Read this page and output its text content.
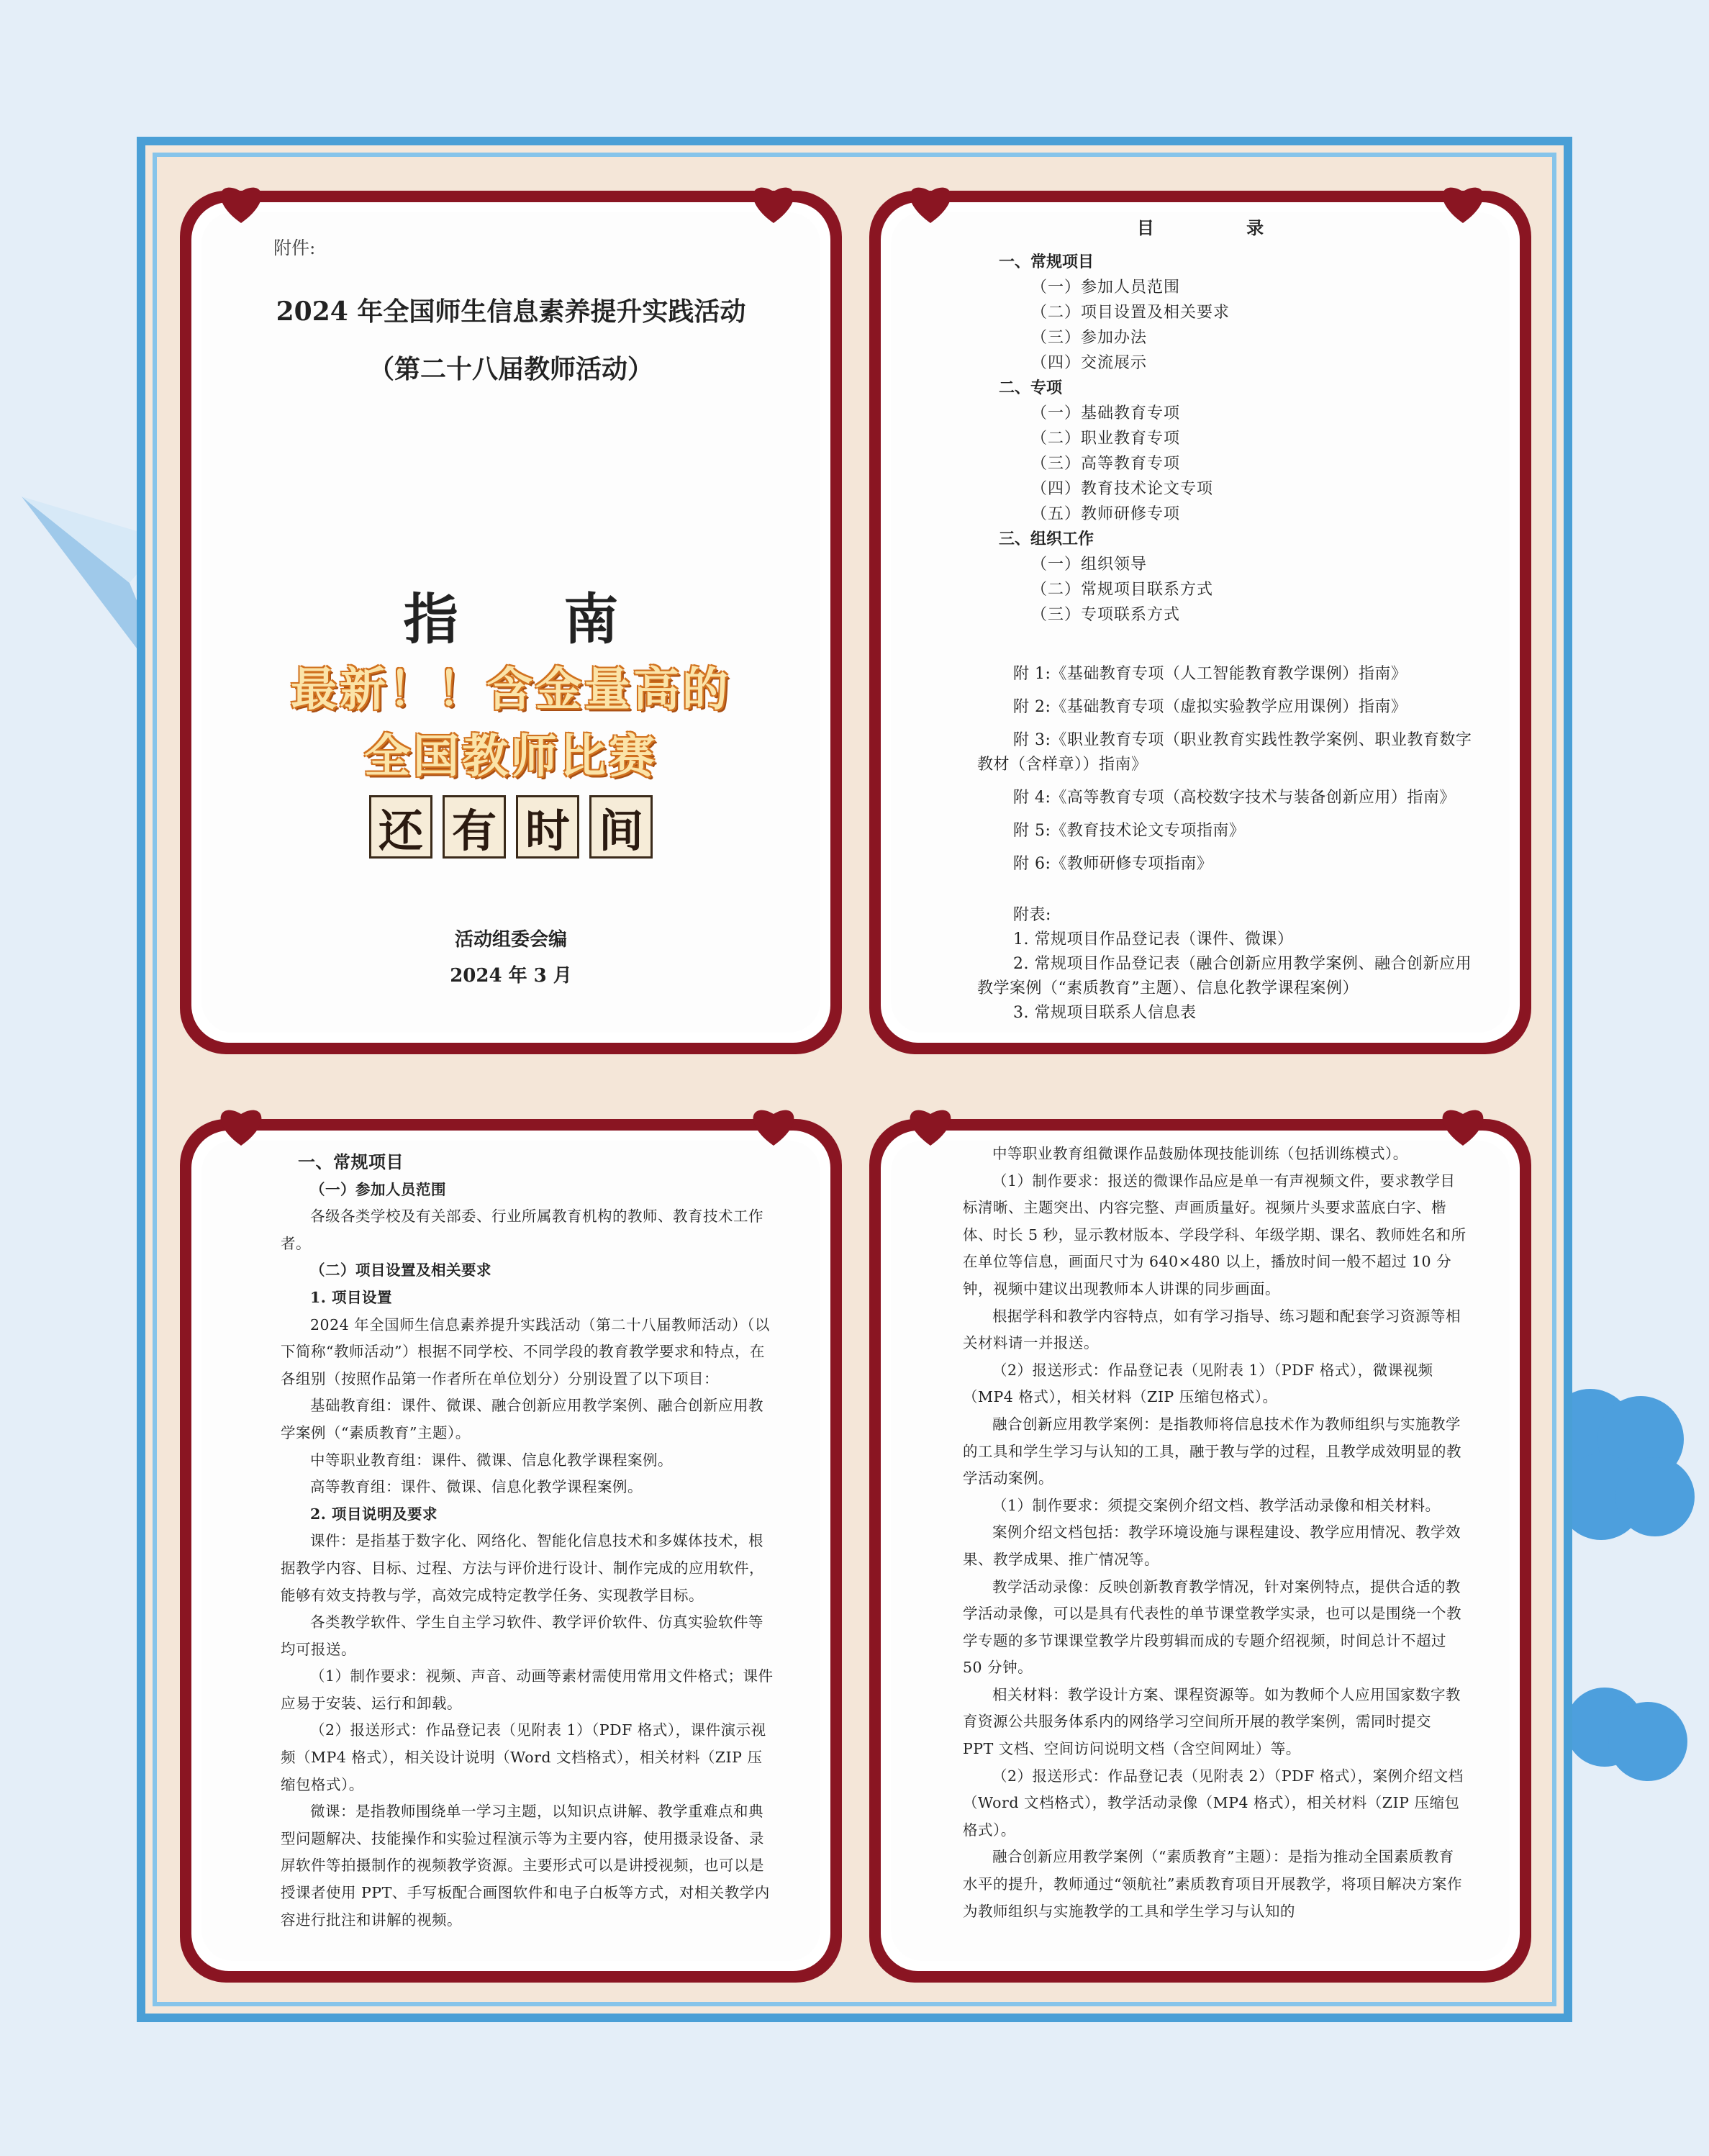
附件:
2024 年全国师生信息素养提升实践活动
（第二十八届教师活动）
指 南
最新！！含金量高的
全国教师比赛
还 有 时 间
活动组委会编
2024 年 3 月
目 录
一、常规项目
（一）参加人员范围
（二）项目设置及相关要求
（三）参加办法
（四）交流展示
二、专项
（一）基础教育专项
（二）职业教育专项
（三）高等教育专项
（四）教育技术论文专项
（五）教师研修专项
三、组织工作
（一）组织领导
（二）常规项目联系方式
（三）专项联系方式
附 1:《基础教育专项（人工智能教育教学课例）指南》
附 2:《基础教育专项（虚拟实验教学应用课例）指南》
附 3:《职业教育专项（职业教育实践性教学案例、职业教育数字教材（含样章））指南》
附 4:《高等教育专项（高校数字技术与装备创新应用）指南》
附 5:《教育技术论文专项指南》
附 6:《教师研修专项指南》
附表:
1. 常规项目作品登记表（课件、微课）
2. 常规项目作品登记表（融合创新应用教学案例、融合创新应用教学案例（“素质教育”主题）、信息化教学课程案例）
3. 常规项目联系人信息表

一、常规项目

（一）参加人员范围

各级各类学校及有关部委、行业所属教育机构的教师、教育技术工作者。

（二）项目设置及相关要求

1. 项目设置

2024 年全国师生信息素养提升实践活动（第二十八届教师活动）（以下简称“教师活动”）根据不同学校、不同学段的教育教学要求和特点，在各组别（按照作品第一作者所在单位划分）分别设置了以下项目：

基础教育组：课件、微课、融合创新应用教学案例、融合创新应用教学案例（“素质教育”主题）。

中等职业教育组：课件、微课、信息化教学课程案例。

高等教育组：课件、微课、信息化教学课程案例。

2. 项目说明及要求

课件：是指基于数字化、网络化、智能化信息技术和多媒体技术，根据教学内容、目标、过程、方法与评价进行设计、制作完成的应用软件，能够有效支持教与学，高效完成特定教学任务、实现教学目标。

各类教学软件、学生自主学习软件、教学评价软件、仿真实验软件等均可报送。

（1）制作要求：视频、声音、动画等素材需使用常用文件格式；课件应易于安装、运行和卸载。

（2）报送形式：作品登记表（见附表 1）（PDF 格式），课件演示视频（MP4 格式），相关设计说明（Word 文档格式），相关材料（ZIP 压缩包格式）。

微课：是指教师围绕单一学习主题，以知识点讲解、教学重难点和典型问题解决、技能操作和实验过程演示等为主要内容，使用摄录设备、录屏软件等拍摄制作的视频教学资源。主要形式可以是讲授视频，也可以是授课者使用 PPT、手写板配合画图软件和电子白板等方式，对相关教学内容进行批注和讲解的视频。

中等职业教育组微课作品鼓励体现技能训练（包括训练模式）。

（1）制作要求：报送的微课作品应是单一有声视频文件，要求教学目标清晰、主题突出、内容完整、声画质量好。视频片头要求蓝底白字、楷体、时长 5 秒，显示教材版本、学段学科、年级学期、课名、教师姓名和所在单位等信息，画面尺寸为 640×480 以上，播放时间一般不超过 10 分钟，视频中建议出现教师本人讲课的同步画面。

根据学科和教学内容特点，如有学习指导、练习题和配套学习资源等相关材料请一并报送。

（2）报送形式：作品登记表（见附表 1）（PDF 格式），微课视频（MP4 格式），相关材料（ZIP 压缩包格式）。

融合创新应用教学案例：是指教师将信息技术作为教师组织与实施教学的工具和学生学习与认知的工具，融于教与学的过程，且教学成效明显的教学活动案例。

（1）制作要求：须提交案例介绍文档、教学活动录像和相关材料。

案例介绍文档包括：教学环境设施与课程建设、教学应用情况、教学效果、教学成果、推广情况等。

教学活动录像：反映创新教育教学情况，针对案例特点，提供合适的教学活动录像，可以是具有代表性的单节课堂教学实录，也可以是围绕一个教学专题的多节课课堂教学片段剪辑而成的专题介绍视频，时间总计不超过 50 分钟。

相关材料：教学设计方案、课程资源等。如为教师个人应用国家数字教育资源公共服务体系内的网络学习空间所开展的教学案例，需同时提交 PPT 文档、空间访问说明文档（含空间网址）等。

（2）报送形式：作品登记表（见附表 2）（PDF 格式），案例介绍文档（Word 文档格式），教学活动录像（MP4 格式），相关材料（ZIP 压缩包格式）。

融合创新应用教学案例（“素质教育”主题）：是指为推动全国素质教育水平的提升，教师通过“领航社”素质教育项目开展教学，将项目解决方案作为教师组织与实施教学的工具和学生学习与认知的
